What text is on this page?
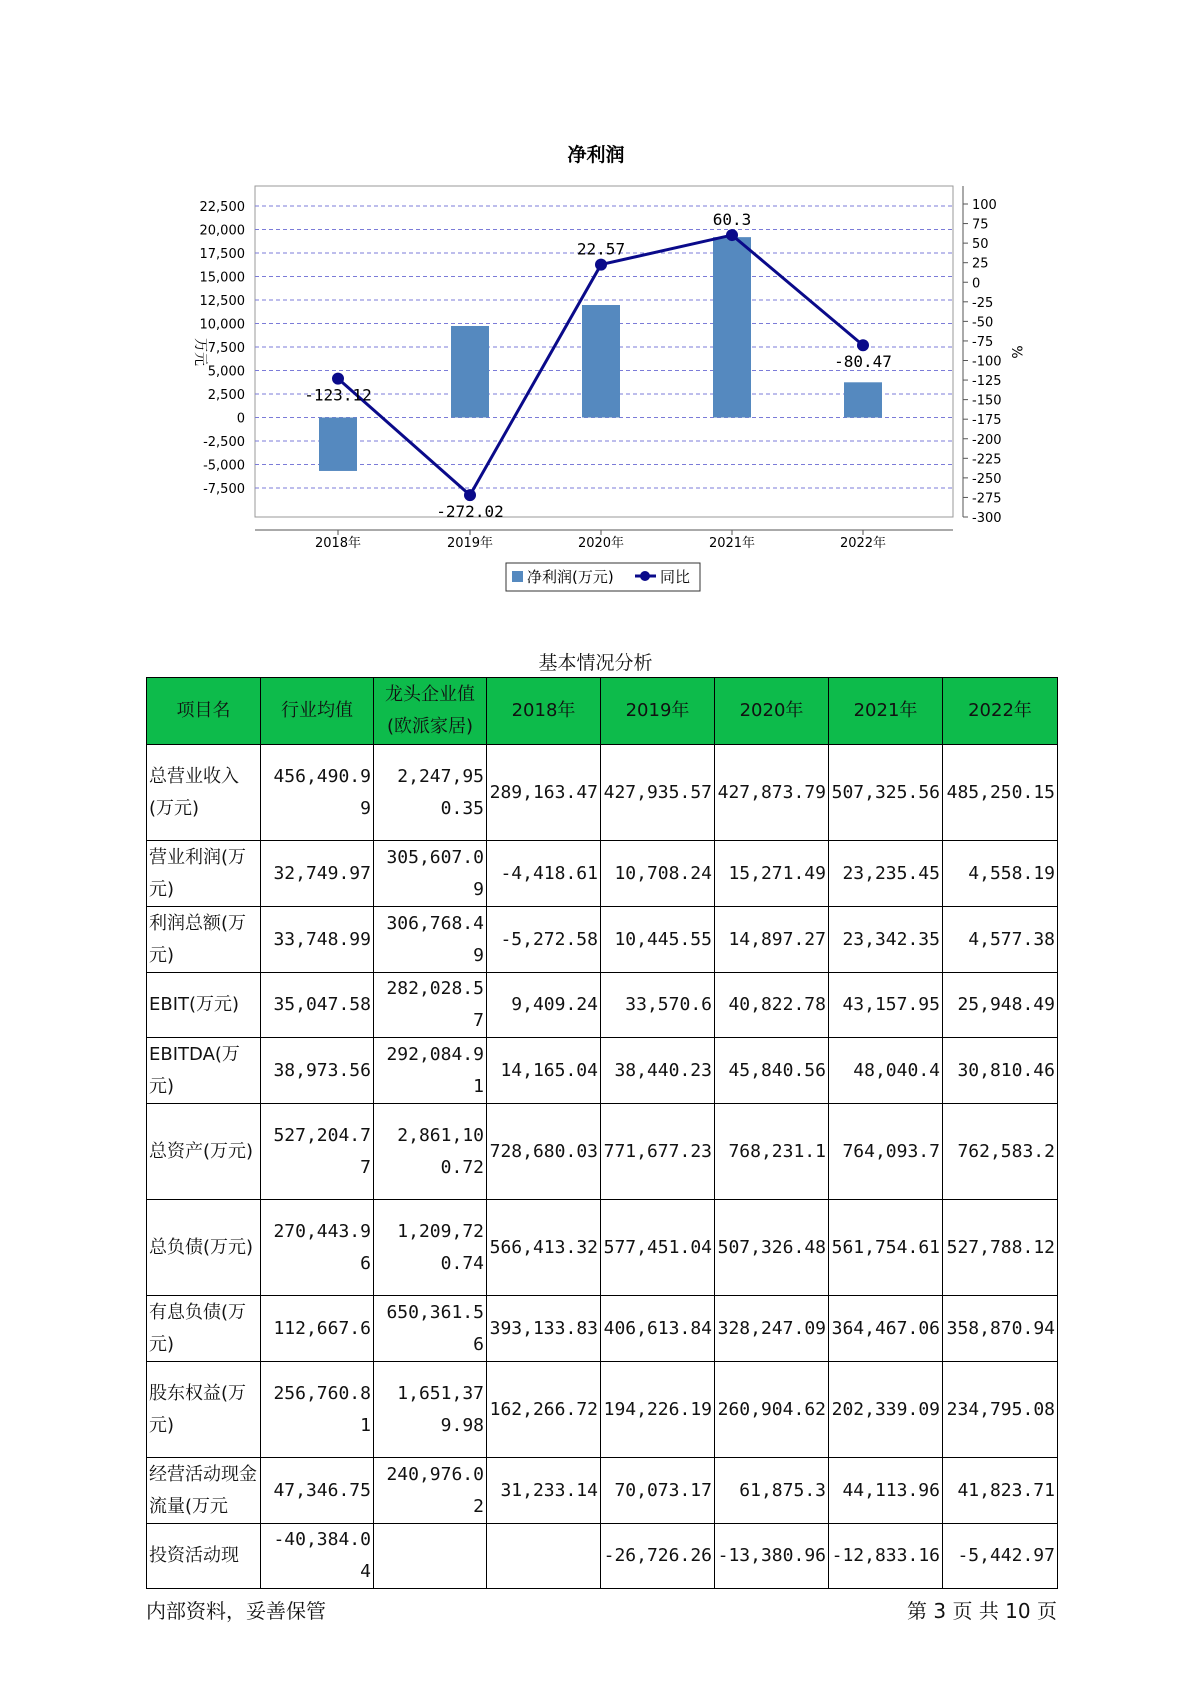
净利润
22,500
20,000
17,500
15,000
12,500
10,000
7,500
5,000
2,500
0
-2,500
-5,000
-7,500
100
75
50
25
0
-25
-50
-75
-100
-125
-150
-175
-200
-225
-250
-275
-300
万元	%
-123.12
-272.02
22.57
60.3
-80.47
2018年	2019年	2020年	2021年	2022年
净利润(万元)	同比
基本情况分析
项目名	行业均值	龙头企业值(欧派家居)	2018年	2019年	2020年	2021年	2022年
总营业收入(万元)	456,490.99	2,247,950.35	289,163.47	427,935.57	427,873.79	507,325.56	485,250.15
营业利润(万元)	32,749.97	305,607.09	-4,418.61	10,708.24	15,271.49	23,235.45	4,558.19
利润总额(万元)	33,748.99	306,768.49	-5,272.58	10,445.55	14,897.27	23,342.35	4,577.38
EBIT(万元)	35,047.58	282,028.57	9,409.24	33,570.6	40,822.78	43,157.95	25,948.49
EBITDA(万元)	38,973.56	292,084.91	14,165.04	38,440.23	45,840.56	48,040.4	30,810.46
总资产(万元)	527,204.77	2,861,100.72	728,680.03	771,677.23	768,231.1	764,093.7	762,583.2
总负债(万元)	270,443.96	1,209,720.74	566,413.32	577,451.04	507,326.48	561,754.61	527,788.12
有息负债(万元)	112,667.6	650,361.56	393,133.83	406,613.84	328,247.09	364,467.06	358,870.94
股东权益(万元)	256,760.81	1,651,379.98	162,266.72	194,226.19	260,904.62	202,339.09	234,795.08
经营活动现金流量(万元	47,346.75	240,976.02	31,233.14	70,073.17	61,875.3	44,113.96	41,823.71
投资活动现	-40,384.04			-26,726.26	-13,380.96	-12,833.16	-5,442.97
内部资料，妥善保管	第 3 页 共 10 页
